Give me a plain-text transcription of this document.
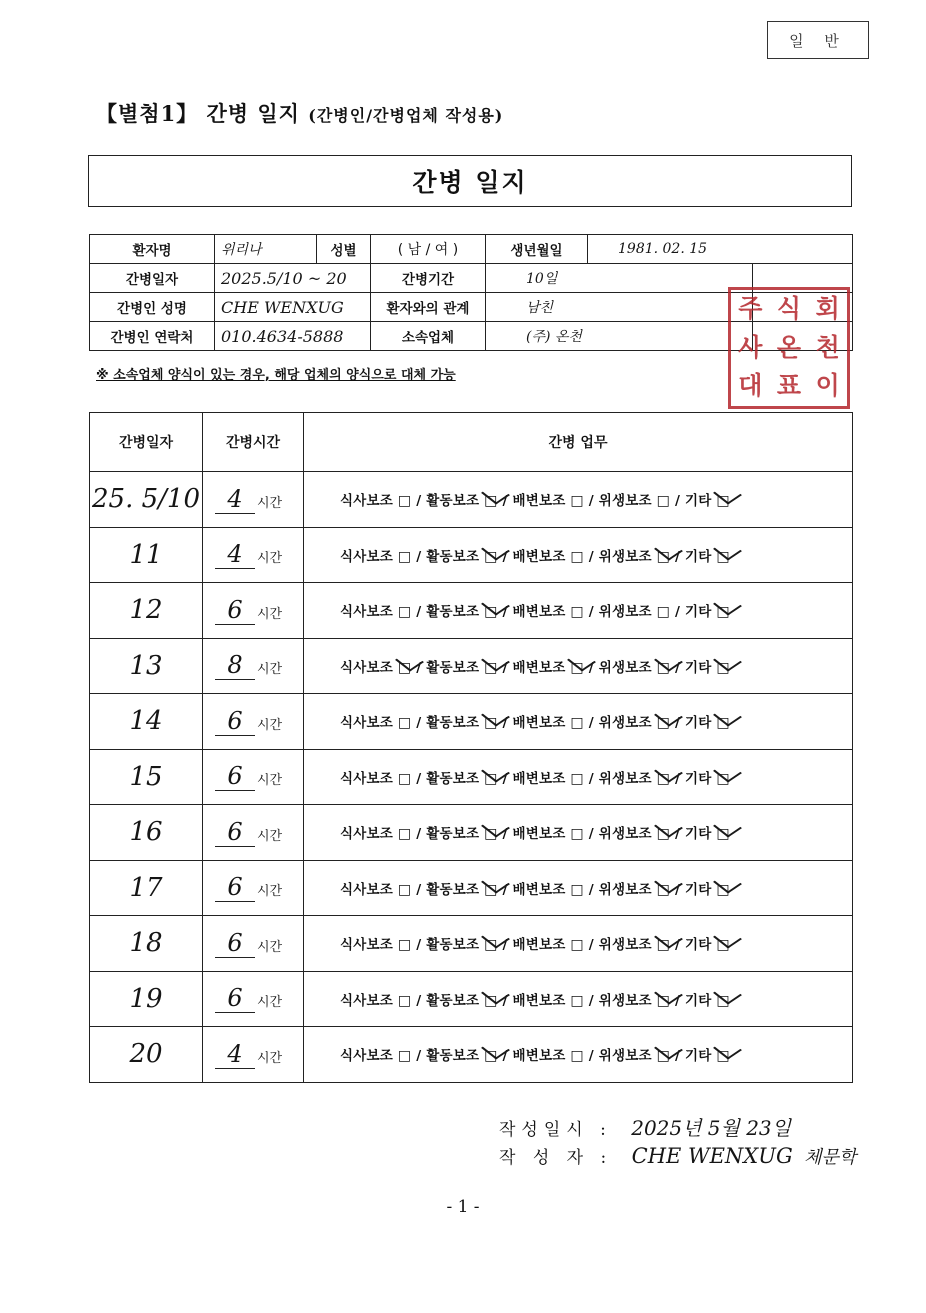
일 반
【별첨1】 간병 일지 (간병인/간병업체 작성용)
간병 일지
환자명	위리나	성별	( 남 / 여 )	생년월일	1981. 02. 15	
간병일자	2025.5/10 ~ 20		간병기간	10일		
간병인 성명	CHE WENXUG		환자와의 관계	남친		
간병인 연락처	010.4634-5888		소속업체	(주) 온천		
주 식 회
사 온 천
대 표 이
※ 소속업체 양식이 있는 경우, 해당 업체의 양식으로 대체 가능
간병일자	간병시간	간병 업무
25. 5/10	4 시간	식사보조 □ / 활동보조 □ / 배변보조 □ / 위생보조 □ / 기타 □
11	4 시간	식사보조 □ / 활동보조 □ / 배변보조 □ / 위생보조 □ / 기타 □
12	6 시간	식사보조 □ / 활동보조 □ / 배변보조 □ / 위생보조 □ / 기타 □
13	8 시간	식사보조 □ / 활동보조 □ / 배변보조 □ / 위생보조 □ / 기타 □
14	6 시간	식사보조 □ / 활동보조 □ / 배변보조 □ / 위생보조 □ / 기타 □
15	6 시간	식사보조 □ / 활동보조 □ / 배변보조 □ / 위생보조 □ / 기타 □
16	6 시간	식사보조 □ / 활동보조 □ / 배변보조 □ / 위생보조 □ / 기타 □
17	6 시간	식사보조 □ / 활동보조 □ / 배변보조 □ / 위생보조 □ / 기타 □
18	6 시간	식사보조 □ / 활동보조 □ / 배변보조 □ / 위생보조 □ / 기타 □
19	6 시간	식사보조 □ / 활동보조 □ / 배변보조 □ / 위생보조 □ / 기타 □
20	4 시간	식사보조 □ / 활동보조 □ / 배변보조 □ / 위생보조 □ / 기타 □
작성일시 : 2025년 5월 23일
작 성 자 : CHE WENXUG 체문학
- 1 -
